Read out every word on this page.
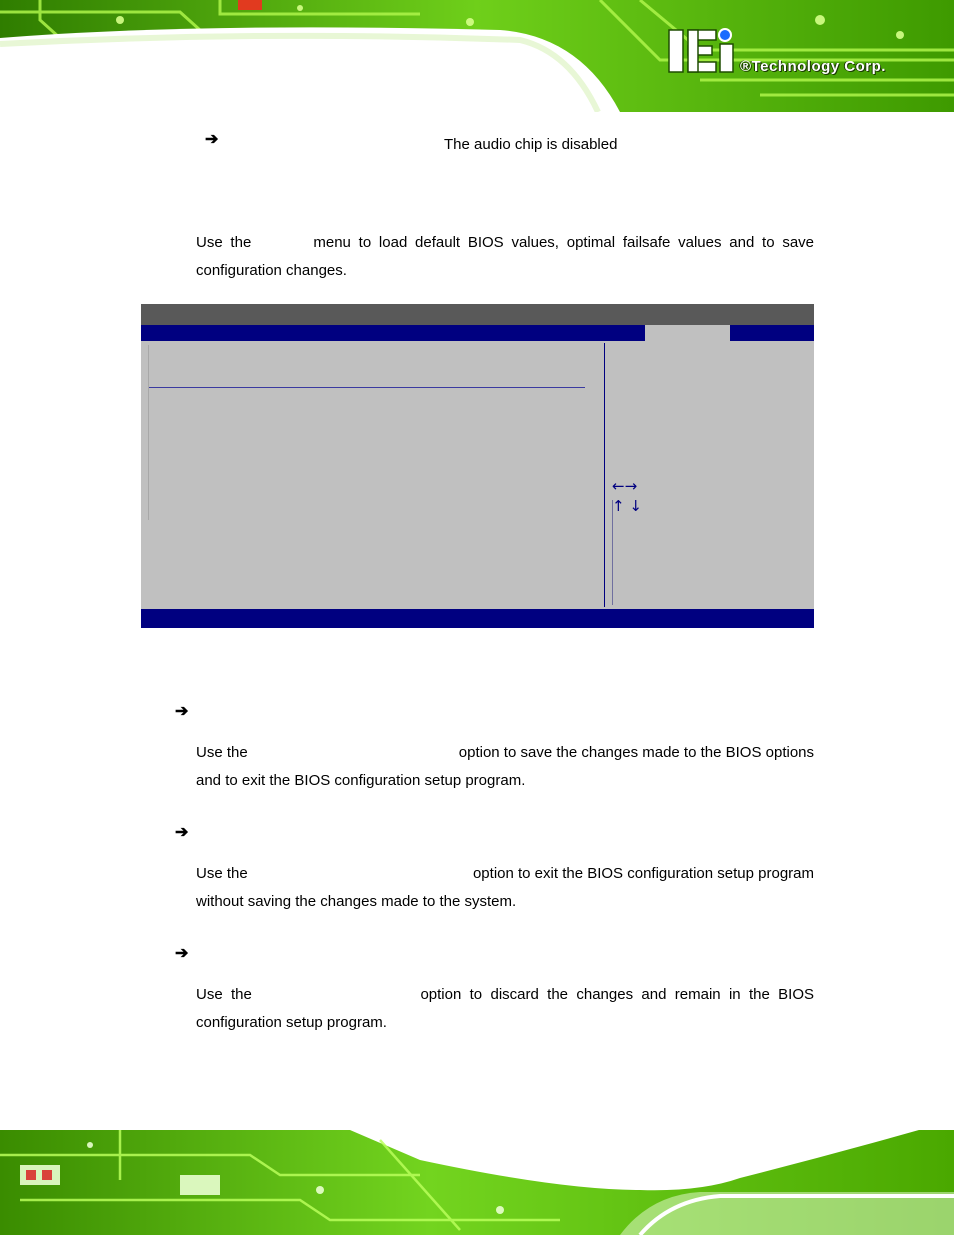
®Technology Corp.
➔	The audio chip is disabled
Use the        menu to load default BIOS values, optimal failsafe values and to save
configuration changes.
←→
↑ ↓
➔
Use the	option to save the changes made to the BIOS options
and to exit the BIOS configuration setup program.
➔
Use the	option to exit the BIOS configuration setup program
without saving the changes made to the system.
➔
Use  the	option  to  discard  the  changes  and  remain  in  the  BIOS
configuration setup program.
